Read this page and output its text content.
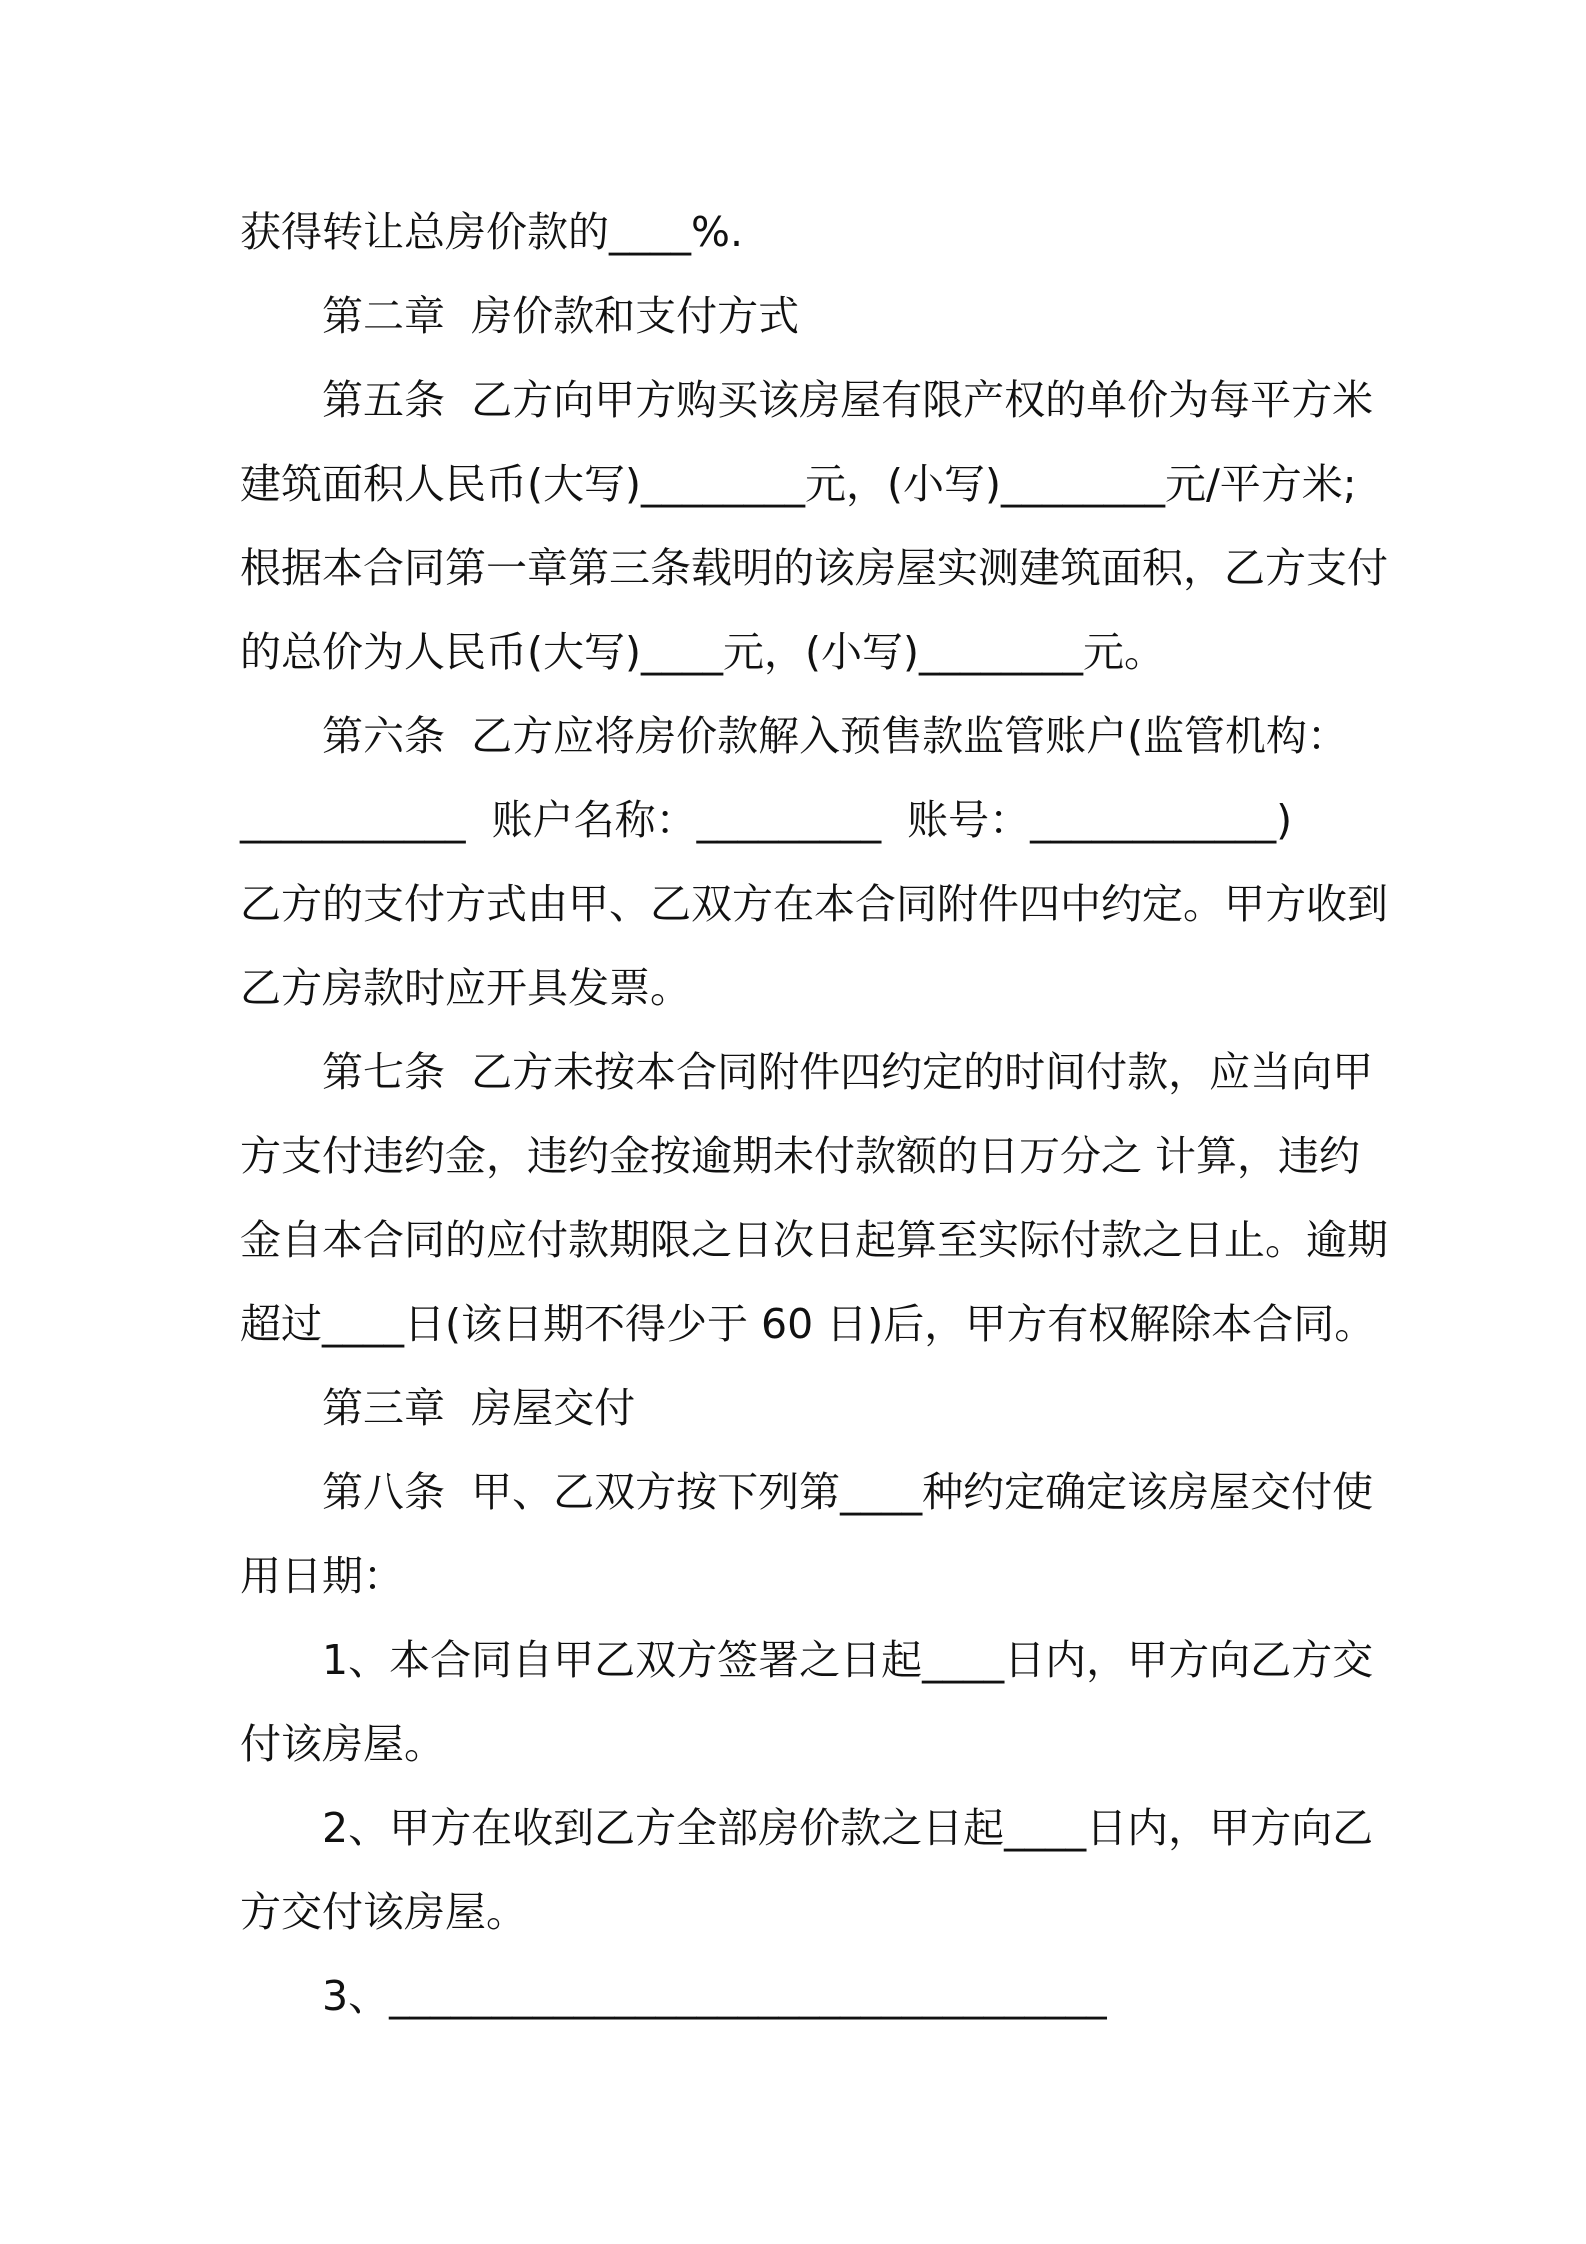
获得转让总房价款的____%.
第二章  房价款和支付方式
第五条  乙方向甲方购买该房屋有限产权的单价为每平方米
建筑面积人民币(大写)________元，(小写)________元/平方米;
根据本合同第一章第三条载明的该房屋实测建筑面积，乙方支付
的总价为人民币(大写)____元，(小写)________元。
第六条  乙方应将房价款解入预售款监管账户(监管机构：
___________  账户名称：_________  账号：____________)
乙方的支付方式由甲、乙双方在本合同附件四中约定。甲方收到
乙方房款时应开具发票。
第七条  乙方未按本合同附件四约定的时间付款，应当向甲
方支付违约金，违约金按逾期未付款额的日万分之 计算，违约
金自本合同的应付款期限之日次日起算至实际付款之日止。逾期
超过____日(该日期不得少于 60 日)后，甲方有权解除本合同。
第三章  房屋交付
第八条  甲、乙双方按下列第____种约定确定该房屋交付使
用日期：
1、本合同自甲乙双方签署之日起____日内，甲方向乙方交
付该房屋。
2、甲方在收到乙方全部房价款之日起____日内，甲方向乙
方交付该房屋。
3、___________________________________
